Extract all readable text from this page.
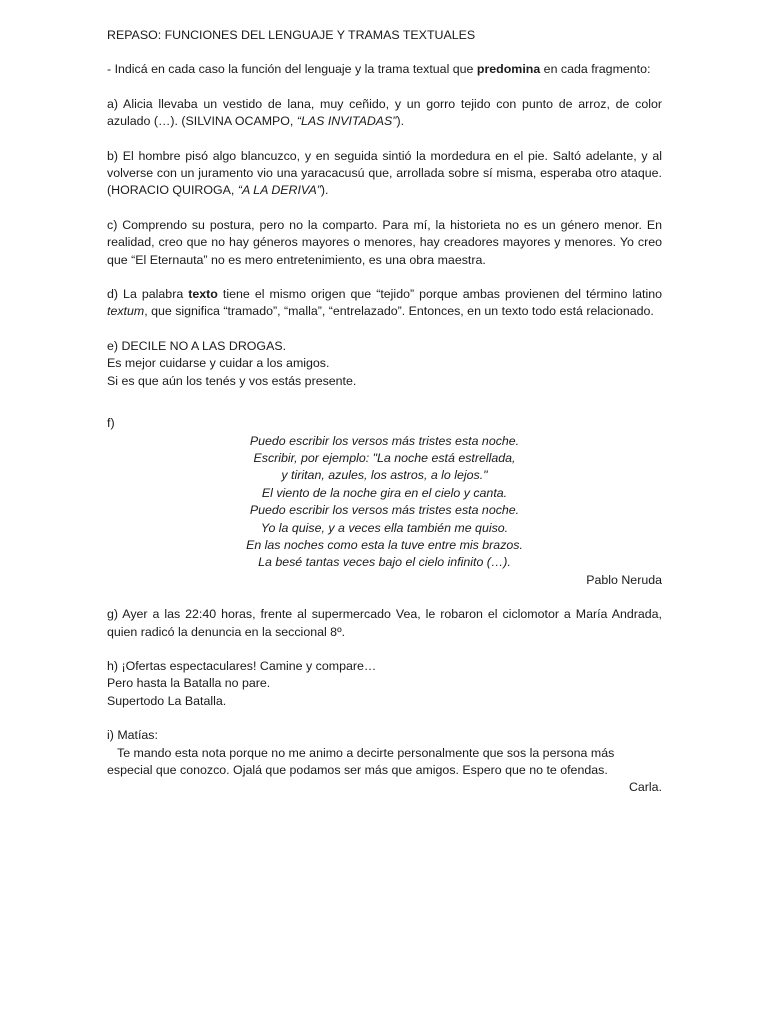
REPASO: FUNCIONES DEL LENGUAJE Y TRAMAS TEXTUALES

- Indicá en cada caso la función del lenguaje y la trama textual que predomina en cada fragmento:

a) Alicia llevaba un vestido de lana, muy ceñido, y un gorro tejido con punto de arroz, de color azulado (…). (SILVINA OCAMPO, “LAS INVITADAS”).

b) El hombre pisó algo blancuzco, y en seguida sintió la mordedura en el pie. Saltó adelante, y al volverse con un juramento vio una yaracacusú que, arrollada sobre sí misma, esperaba otro ataque. (HORACIO QUIROGA, “A LA DERIVA”).

c) Comprendo su postura, pero no la comparto. Para mí, la historieta no es un género menor. En realidad, creo que no hay géneros mayores o menores, hay creadores mayores y menores. Yo creo que “El Eternauta” no es mero entretenimiento, es una obra maestra.

d) La palabra texto tiene el mismo origen que “tejido” porque ambas provienen del término latino textum, que significa “tramado”, “malla”, “entrelazado”. Entonces, en un texto todo está relacionado.

e) DECILE NO A LAS DROGAS.

Es mejor cuidarse y cuidar a los amigos.

Si es que aún los tenés y vos estás presente.

f)

Puedo escribir los versos más tristes esta noche.

Escribir, por ejemplo: "La noche está estrellada,

y tiritan, azules, los astros, a lo lejos."

El viento de la noche gira en el cielo y canta.

Puedo escribir los versos más tristes esta noche.

Yo la quise, y a veces ella también me quiso.

En las noches como esta la tuve entre mis brazos.

La besé tantas veces bajo el cielo infinito (…).

Pablo Neruda

g) Ayer a las 22:40 horas, frente al supermercado Vea, le robaron el ciclomotor a María Andrada, quien radicó la denuncia en la seccional 8º.

h) ¡Ofertas espectaculares! Camine y compare…

Pero hasta la Batalla no pare.

Supertodo La Batalla.

i) Matías:

Te mando esta nota porque no me animo a decirte personalmente que sos la persona más especial que conozco. Ojalá que podamos ser más que amigos. Espero que no te ofendas.

Carla.
